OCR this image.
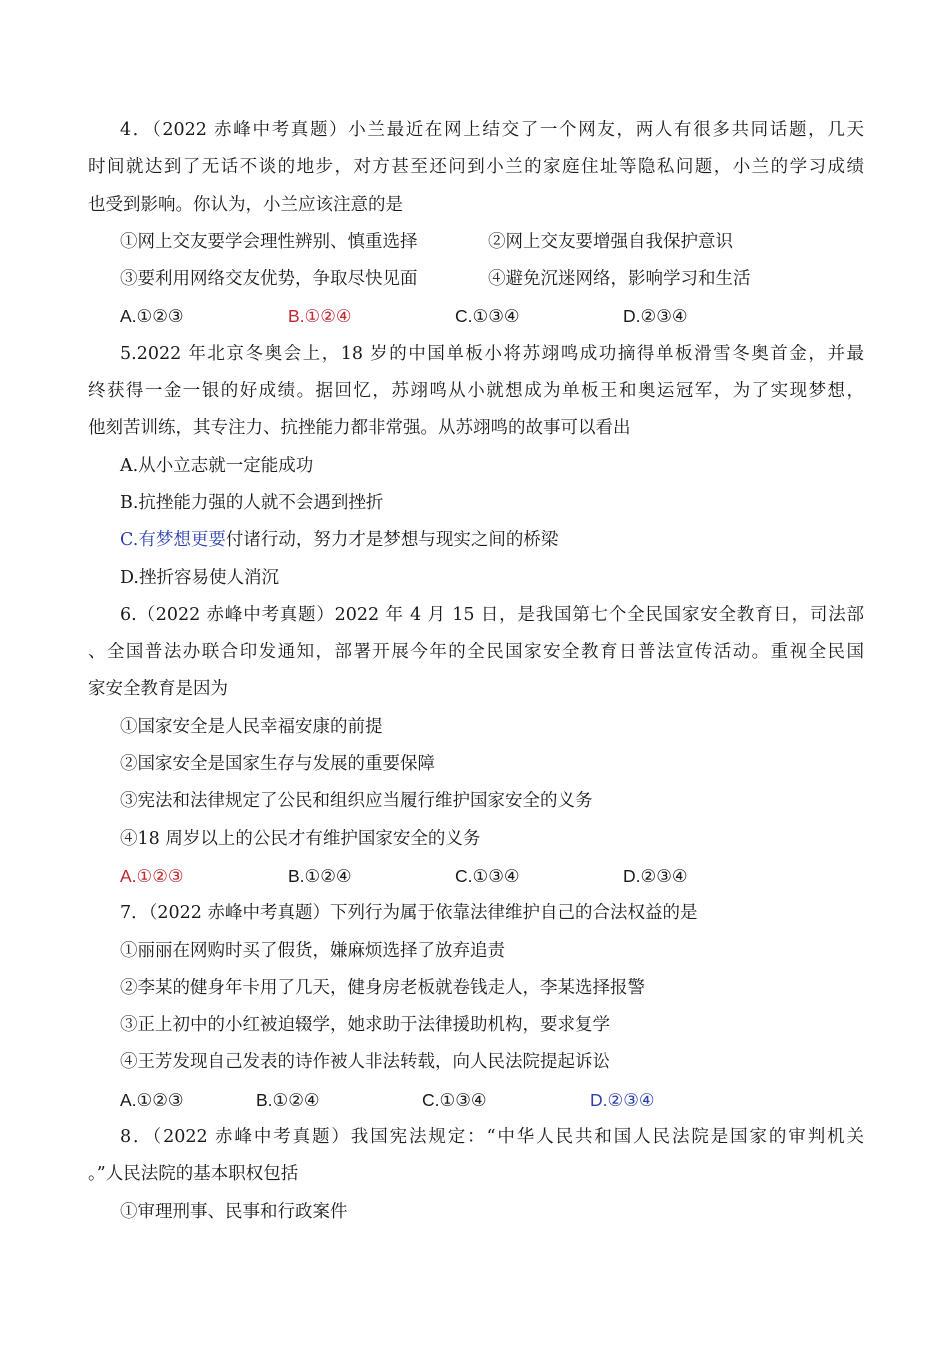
4．（2022 赤峰中考真题）小兰最近在网上结交了一个网友，两人有很多共同话题，几天
时间就达到了无话不谈的地步，对方甚至还问到小兰的家庭住址等隐私问题，小兰的学习成绩
也受到影响。你认为，小兰应该注意的是
①网上交友要学会理性辨别、慎重选择	②网上交友要增强自我保护意识
③要利用网络交友优势，争取尽快见面	④避免沉迷网络，影响学习和生活
A.①②③	B.①②④	C.①③④	D.②③④
5.2022 年北京冬奥会上，18 岁的中国单板小将苏翊鸣成功摘得单板滑雪冬奥首金，并最
终获得一金一银的好成绩。据回忆，苏翊鸣从小就想成为单板王和奥运冠军，为了实现梦想，
他刻苦训练，其专注力、抗挫能力都非常强。从苏翊鸣的故事可以看出
A.从小立志就一定能成功
B.抗挫能力强的人就不会遇到挫折
C.有梦想更要付诸行动，努力才是梦想与现实之间的桥梁
D.挫折容易使人消沉
6.（2022 赤峰中考真题）2022 年 4 月 15 日，是我国第七个全民国家安全教育日，司法部
、全国普法办联合印发通知，部署开展今年的全民国家安全教育日普法宣传活动。重视全民国
家安全教育是因为
①国家安全是人民幸福安康的前提
②国家安全是国家生存与发展的重要保障
③宪法和法律规定了公民和组织应当履行维护国家安全的义务
④18 周岁以上的公民才有维护国家安全的义务
A.①②③	B.①②④	C.①③④	D.②③④
7．（2022 赤峰中考真题）下列行为属于依靠法律维护自己的合法权益的是
①丽丽在网购时买了假货，嫌麻烦选择了放弃追责
②李某的健身年卡用了几天，健身房老板就卷钱走人，李某选择报警
③正上初中的小红被迫辍学，她求助于法律援助机构，要求复学
④王芳发现自己发表的诗作被人非法转载，向人民法院提起诉讼
A.①②③	B.①②④	C.①③④	D.②③④
8．（2022 赤峰中考真题）我国宪法规定：“中华人民共和国人民法院是国家的审判机关
。”人民法院的基本职权包括
①审理刑事、民事和行政案件
